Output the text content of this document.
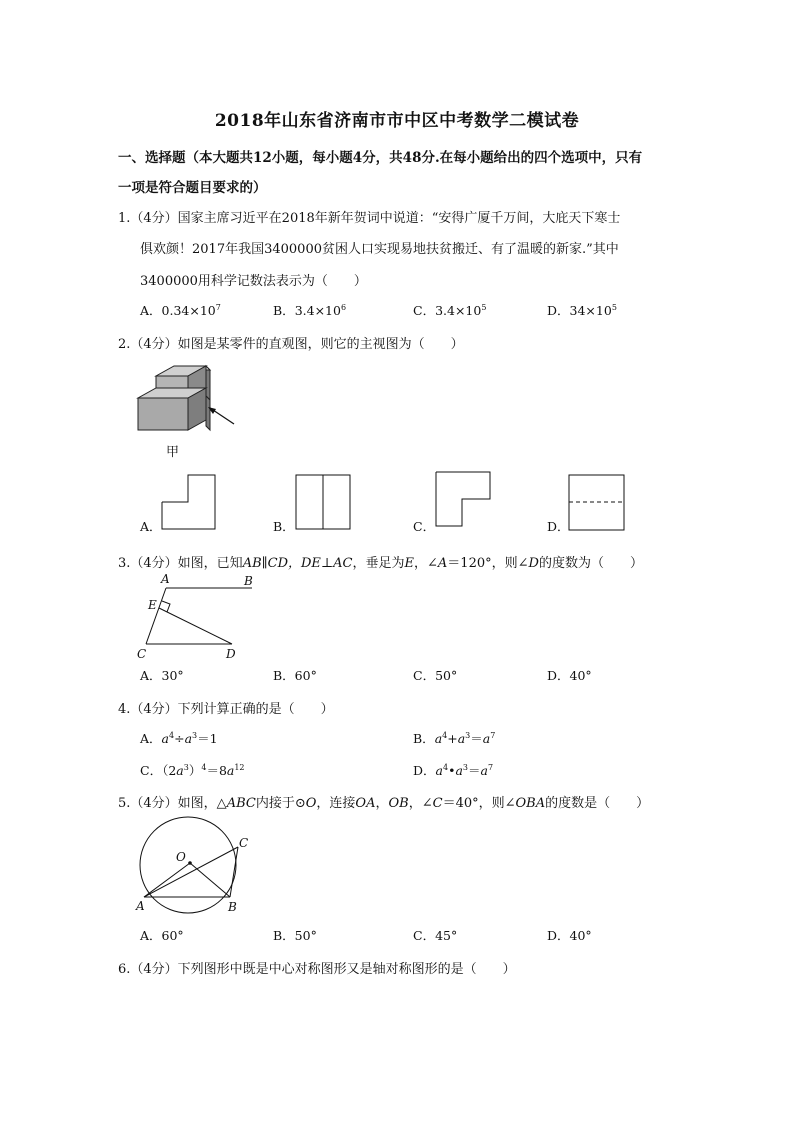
2018年山东省济南市市中区中考数学二模试卷
一、选择题（本大题共12小题，每小题4分，共48分.在每小题给出的四个选项中，只有
一项是符合题目要求的）
1.（4分）国家主席习近平在2018年新年贺词中说道：“安得广厦千万间，大庇天下寒士
俱欢颜！2017年我国3400000贫困人口实现易地扶贫搬迁、有了温暖的新家.”其中
3400000用科学记数法表示为（　　）
A．$0.34\times 10^7$	B．$3.4\times 10^6$	C．$3.4\times 10^5$	D．$34\times 10^5$
2.（4分）如图是某零件的直观图，则它的主视图为（　　）
甲
A．	B．	C．	D．
3.（4分）如图，已知AB∥CD，DE⊥AC，垂足为E，∠A＝120°，则∠D的度数为（　　）
A	B
E
C	D
A．30°	B．60°	C．50°	D．40°
4.（4分）下列计算正确的是（　　）
A．$a^4\div a^3=1$	B．$a^4+a^3=a^7$
C．$(2a^3)^4=8a^{12}$	D．$a^4•a^3=a^7$
5.（4分）如图，△ABC内接于⊙O，连接OA，OB，∠C＝40°，则∠OBA的度数是（　　）
O
A	B
C
A．60°	B．50°	C．45°	D．40°
6.（4分）下列图形中既是中心对称图形又是轴对称图形的是（　　）
